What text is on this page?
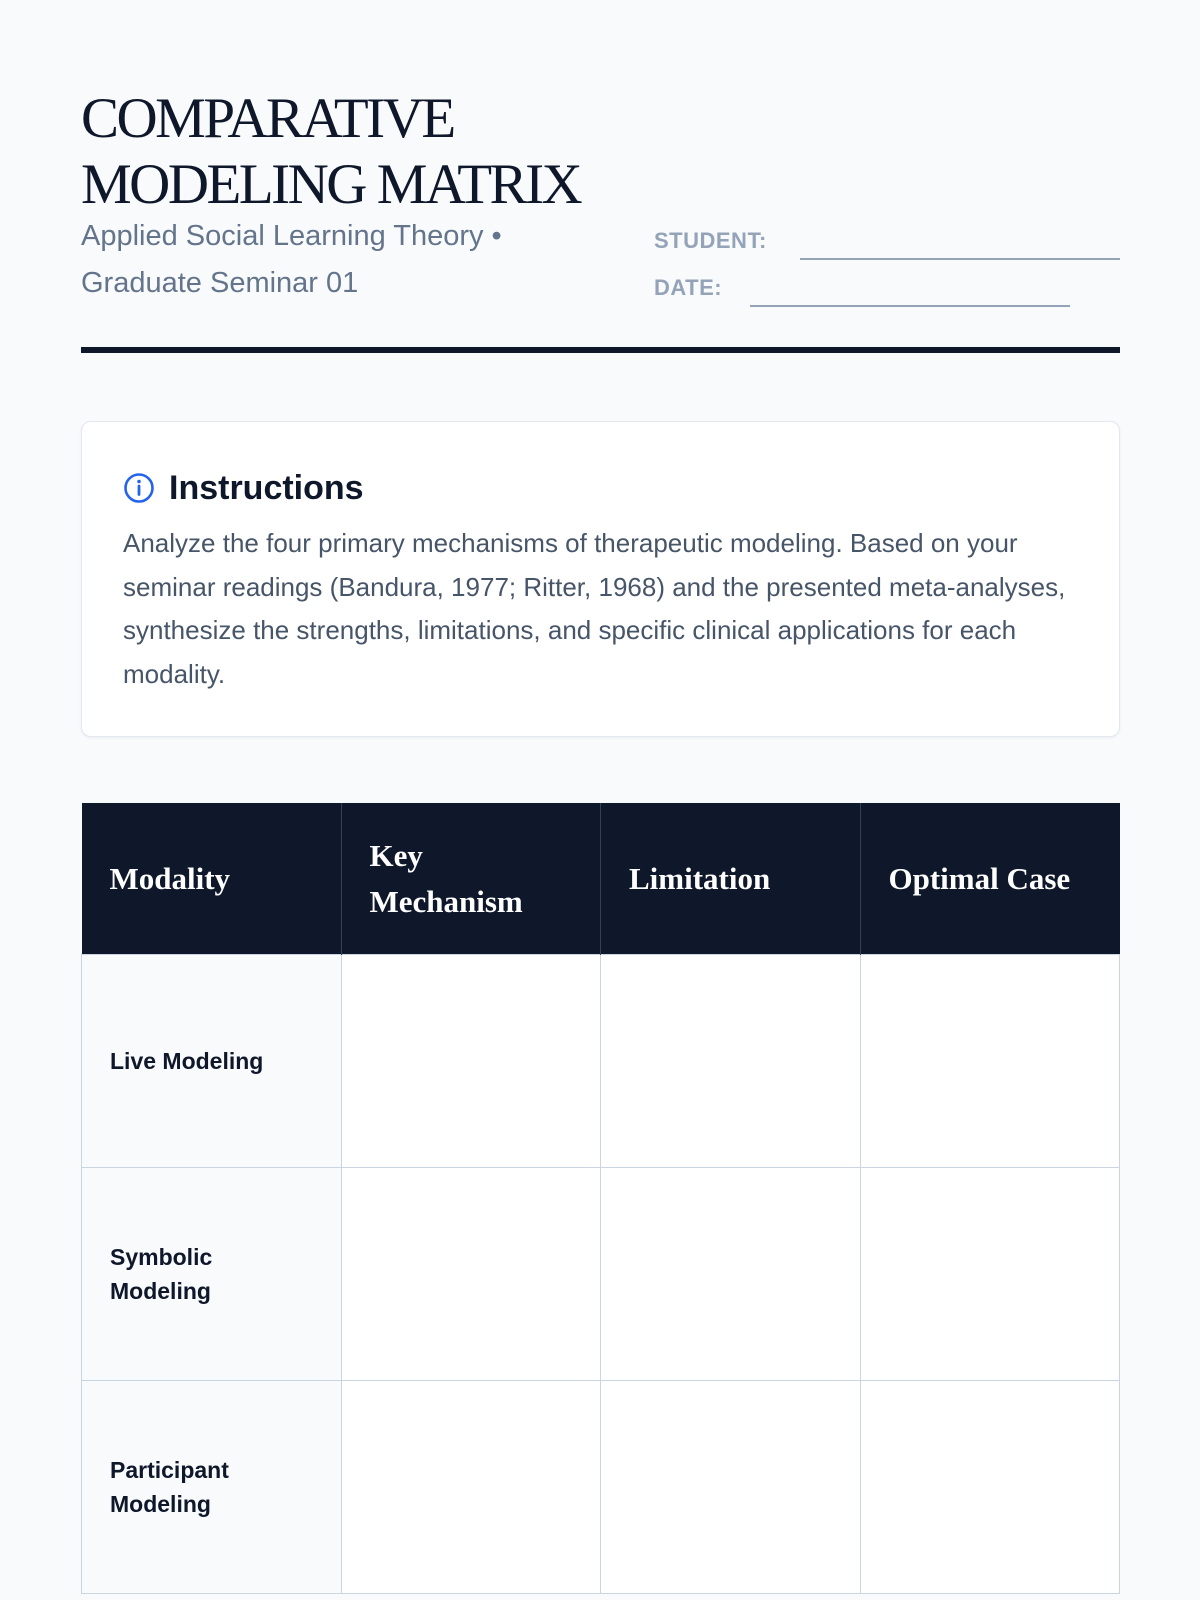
COMPARATIVE
MODELING MATRIX
Applied Social Learning Theory • Graduate Seminar 01
STUDENT:
DATE:
Instructions

Analyze the four primary mechanisms of therapeutic modeling. Based on your seminar readings (Bandura, 1977; Ritter, 1968) and the presented meta-analyses, synthesize the strengths, limitations, and specific clinical applications for each modality.

Modality	Key Mechanism	Limitation	Optimal Case
Live Modeling			
Symbolic Modeling			
Participant Modeling			
